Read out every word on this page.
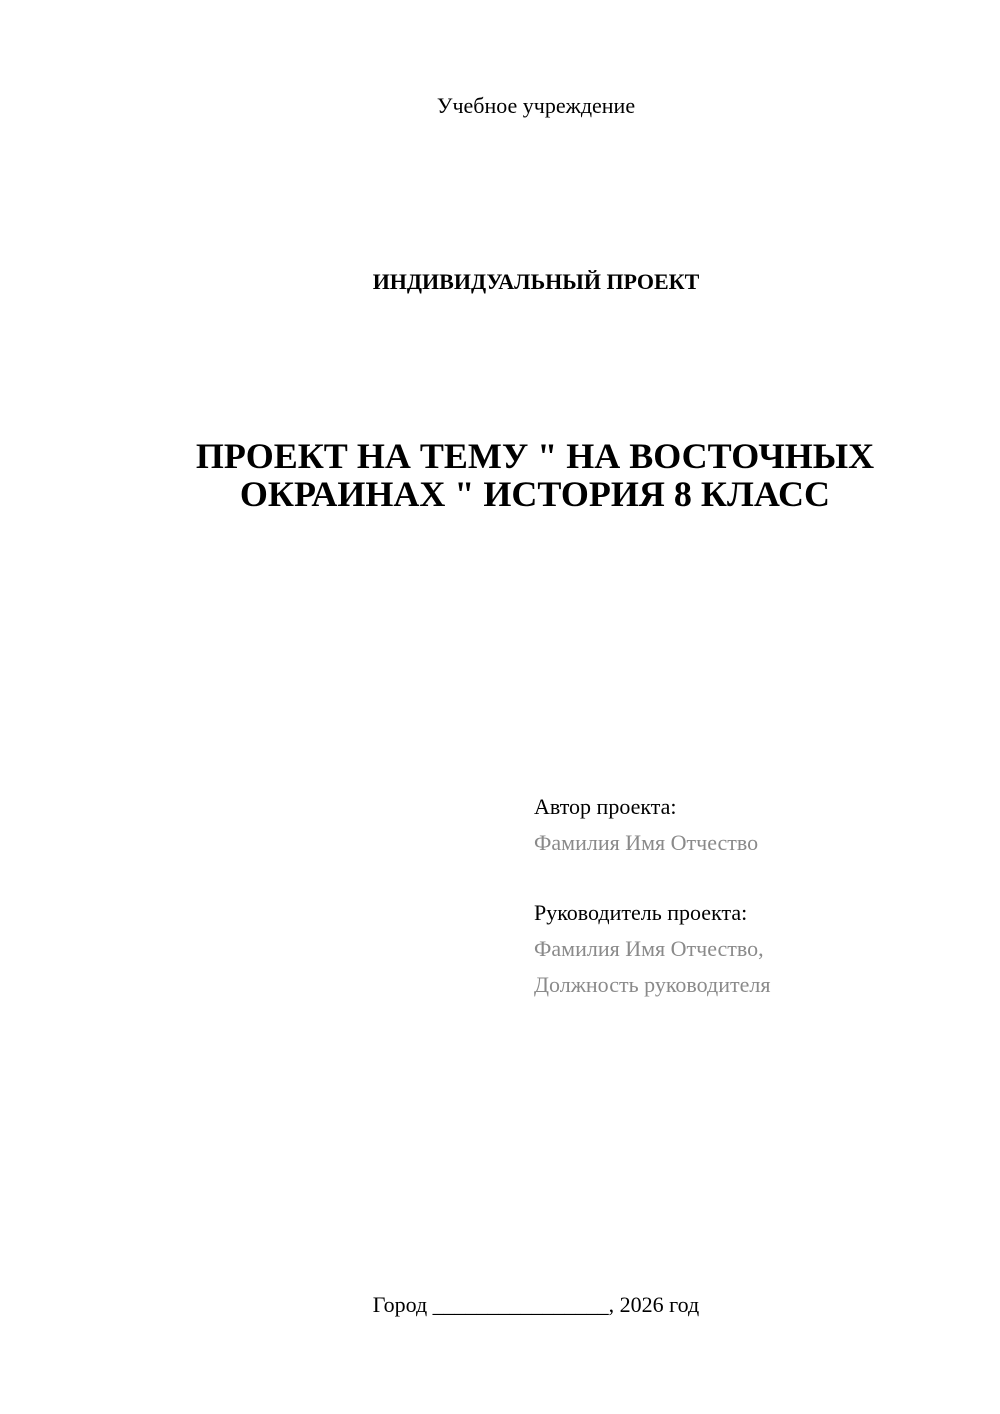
Учебное учреждение
ИНДИВИДУАЛЬНЫЙ ПРОЕКТ
ПРОЕКТ НА ТЕМУ " НА ВОСТОЧНЫХ
ОКРАИНАХ " ИСТОРИЯ 8 КЛАСС
Автор проекта:
Фамилия Имя Отчество
Руководитель проекта:
Фамилия Имя Отчество,
Должность руководителя
Город ________________, 2026 год
